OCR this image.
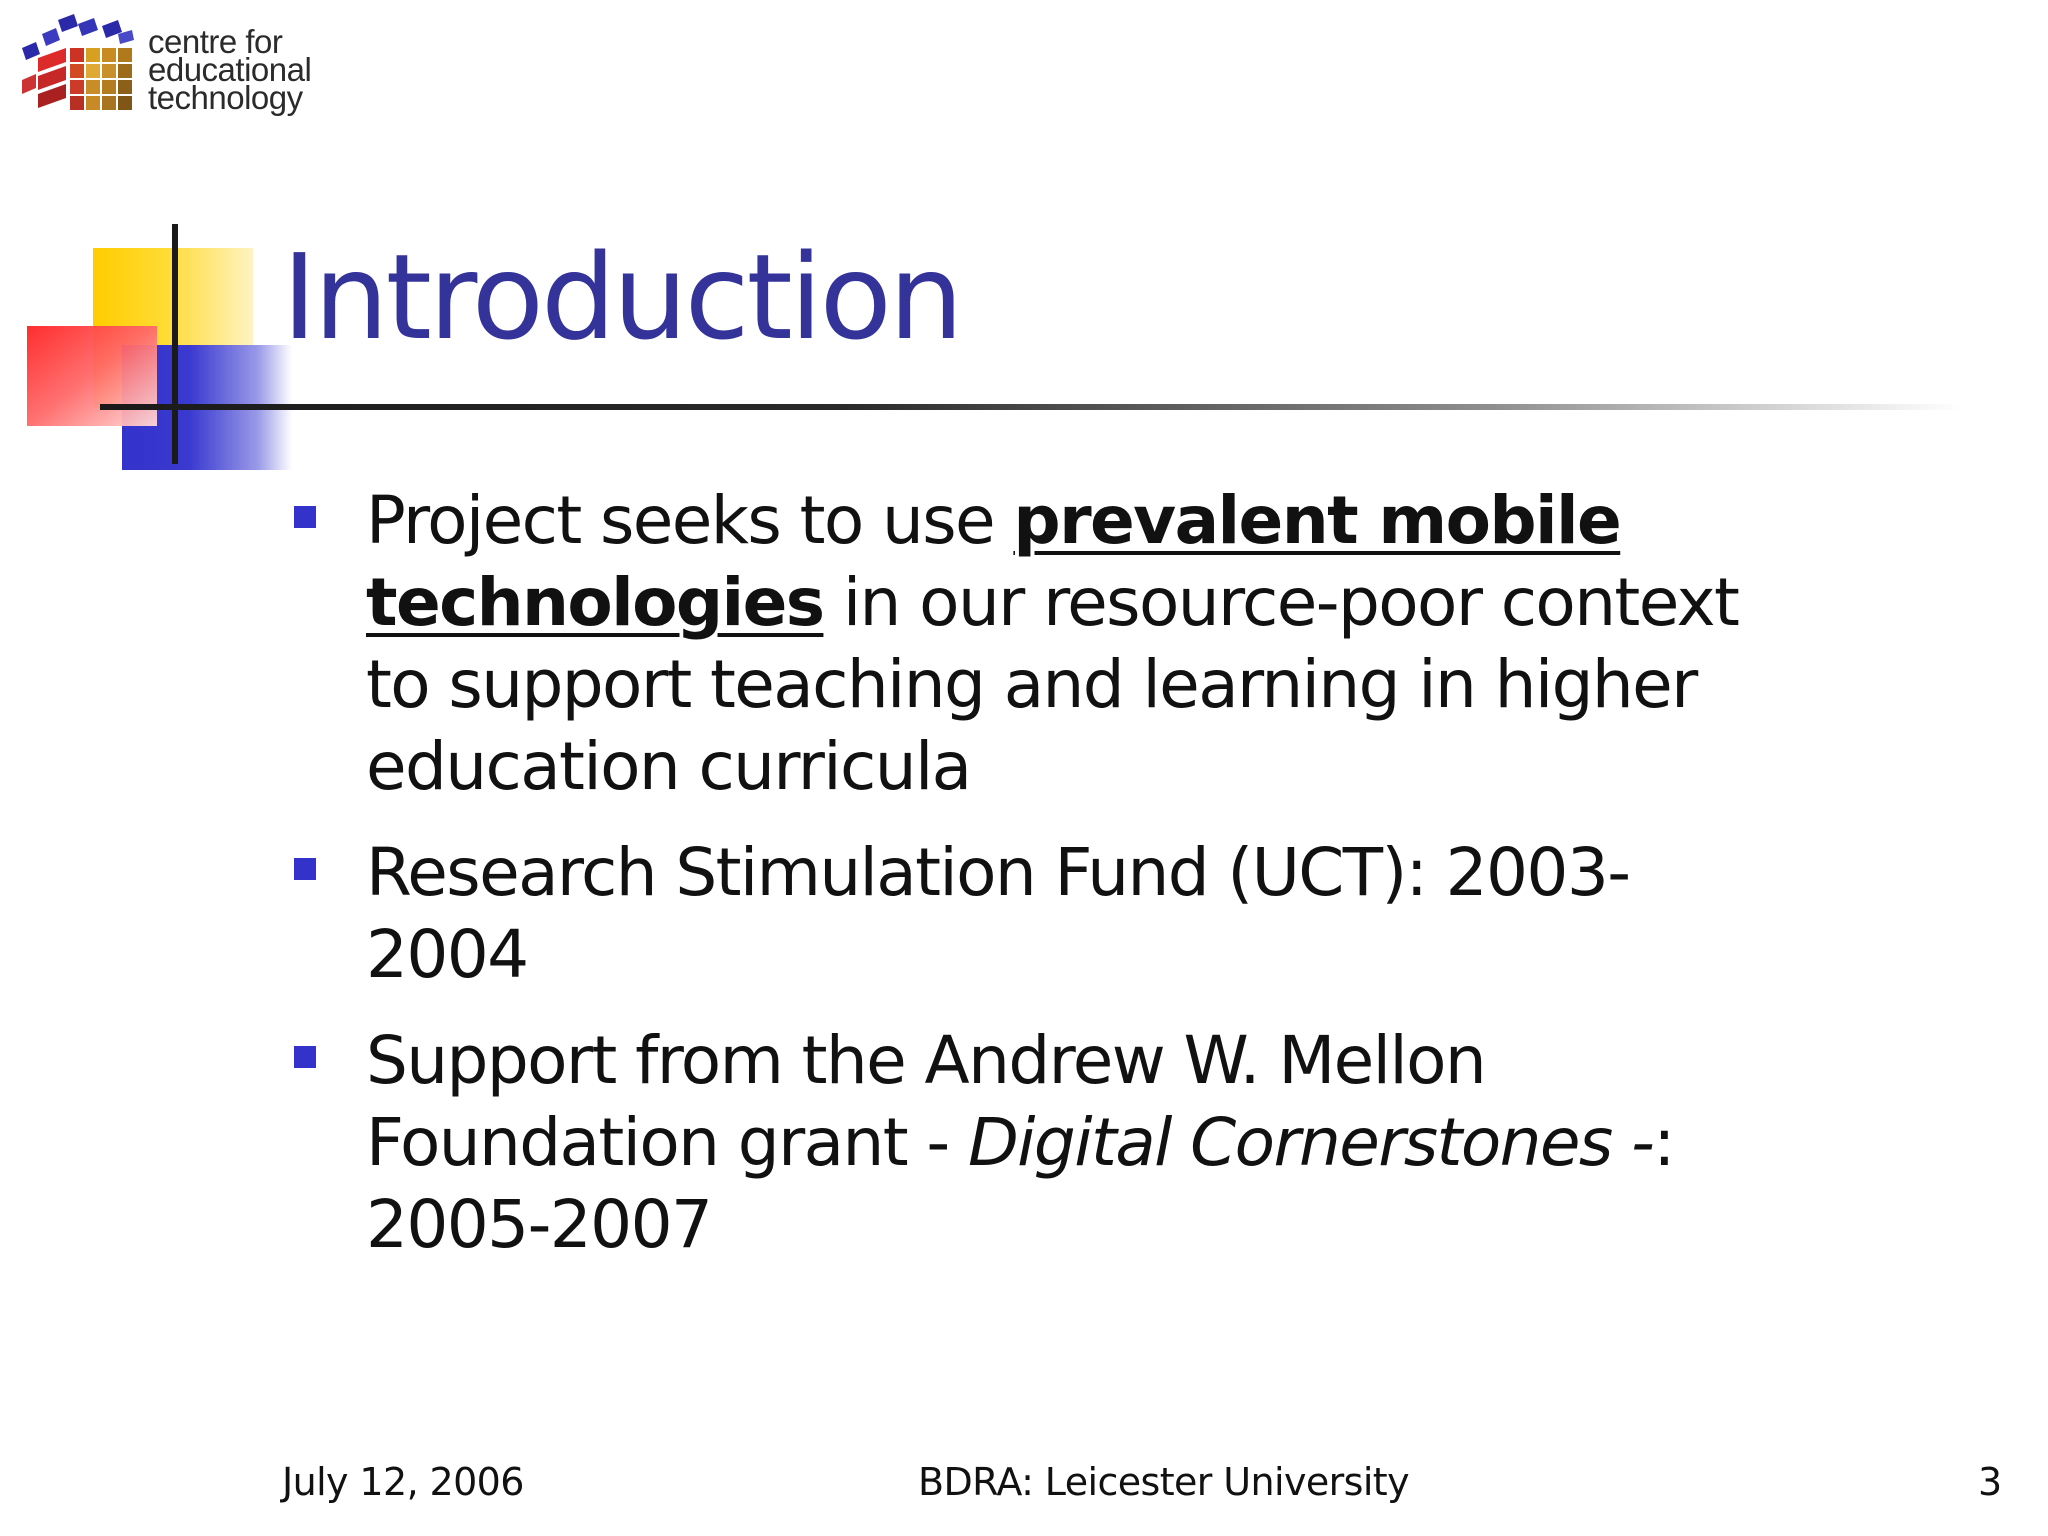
centre for
educational
technology
Introduction
Project seeks to use prevalent mobile technologies in our resource-poor context to support teaching and learning in higher education curricula
Research Stimulation Fund (UCT): 2003-2004
Support from the Andrew W. Mellon Foundation grant - Digital Cornerstones -: 2005-2007
July 12, 2006	BDRA: Leicester University	3
